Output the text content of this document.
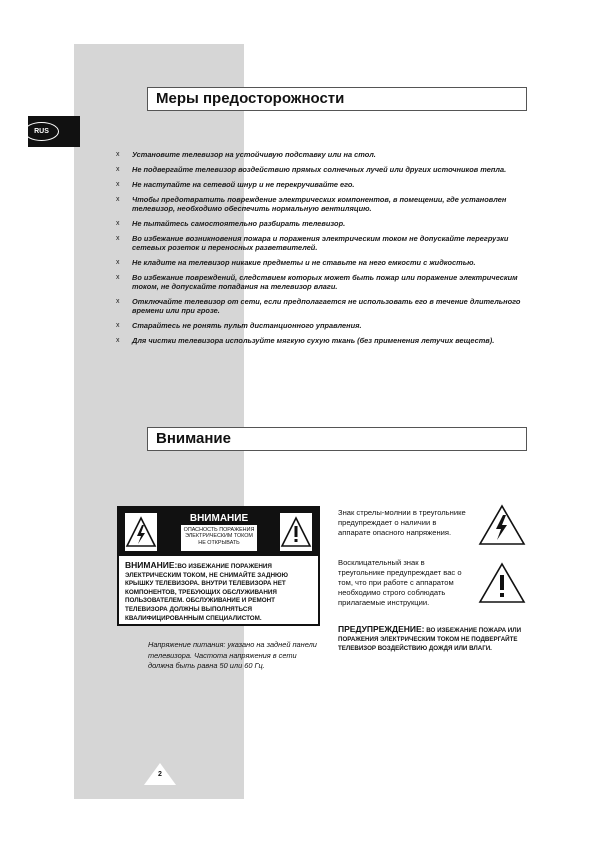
RUS
Меры предосторожности
x Установите телевизор на устойчивую подставку или на стол.
x Не подвергайте телевизор воздействию прямых солнечных лучей или других источников тепла.
x Не наступайте на сетевой шнур и не перекручивайте его.
x Чтобы предотвратить повреждение электрических компонентов, в помещении, где установлен телевизор, необходимо обеспечить нормальную вентиляцию.
x Не пытайтесь самостоятельно разбирать телевизор.
x Во избежание возникновения пожара и поражения электрическим током не допускайте перегрузки сетевых розеток и переносных разветвителей.
x Не кладите на телевизор никакие предметы и не ставьте на него емкости с жидкостью.
x Во избежание повреждений, следствием которых может быть пожар или поражение электрическим током, не допускайте попадания на телевизор влаги.
x Отключайте телевизор от сети, если предполагается не использовать его в течение длительного времени или при грозе.
x Старайтесь не ронять пульт дистанционного управления.
x Для чистки телевизора используйте мягкую сухую ткань (без применения летучих веществ).
Внимание
ВНИМАНИЕ
ОПАСНОСТЬ ПОРАЖЕНИЯ
ЭЛЕКТРИЧЕСКИМ ТОКОМ
НЕ ОТКРЫВАТЬ
ВНИМАНИЕ:ВО ИЗБЕЖАНИЕ ПОРАЖЕНИЯ ЭЛЕКТРИЧЕСКИМ ТОКОМ, НЕ СНИМАЙТЕ ЗАДНЮЮ КРЫШКУ ТЕЛЕВИЗОРА. ВНУТРИ ТЕЛЕВИЗОРА НЕТ КОМПОНЕНТОВ, ТРЕБУЮЩИХ ОБСЛУЖИВАНИЯ ПОЛЬЗОВАТЕЛЕМ. ОБСЛУЖИВАНИЕ И РЕМОНТ ТЕЛЕВИЗОРА ДОЛЖНЫ ВЫПОЛНЯТЬСЯ КВАЛИФИЦИРОВАННЫМ СПЕЦИАЛИСТОМ.
Напряжение питания: указано на задней панели телевизора. Частота напряжения в сети должна быть равна 50 или 60 Гц.
Знак стрелы-молнии в треугольнике предупреждает о наличии в аппарате опасного напряжения.
Восклицательный знак в треугольнике предупреждает вас о том, что при работе с аппаратом необходимо строго соблюдать прилагаемые инструкции.
ПРЕДУПРЕЖДЕНИЕ: ВО ИЗБЕЖАНИЕ ПОЖАРА ИЛИ ПОРАЖЕНИЯ ЭЛЕКТРИЧЕСКИМ ТОКОМ НЕ ПОДВЕРГАЙТЕ ТЕЛЕВИЗОР ВОЗДЕЙСТВИЮ ДОЖДЯ ИЛИ ВЛАГИ.
2
